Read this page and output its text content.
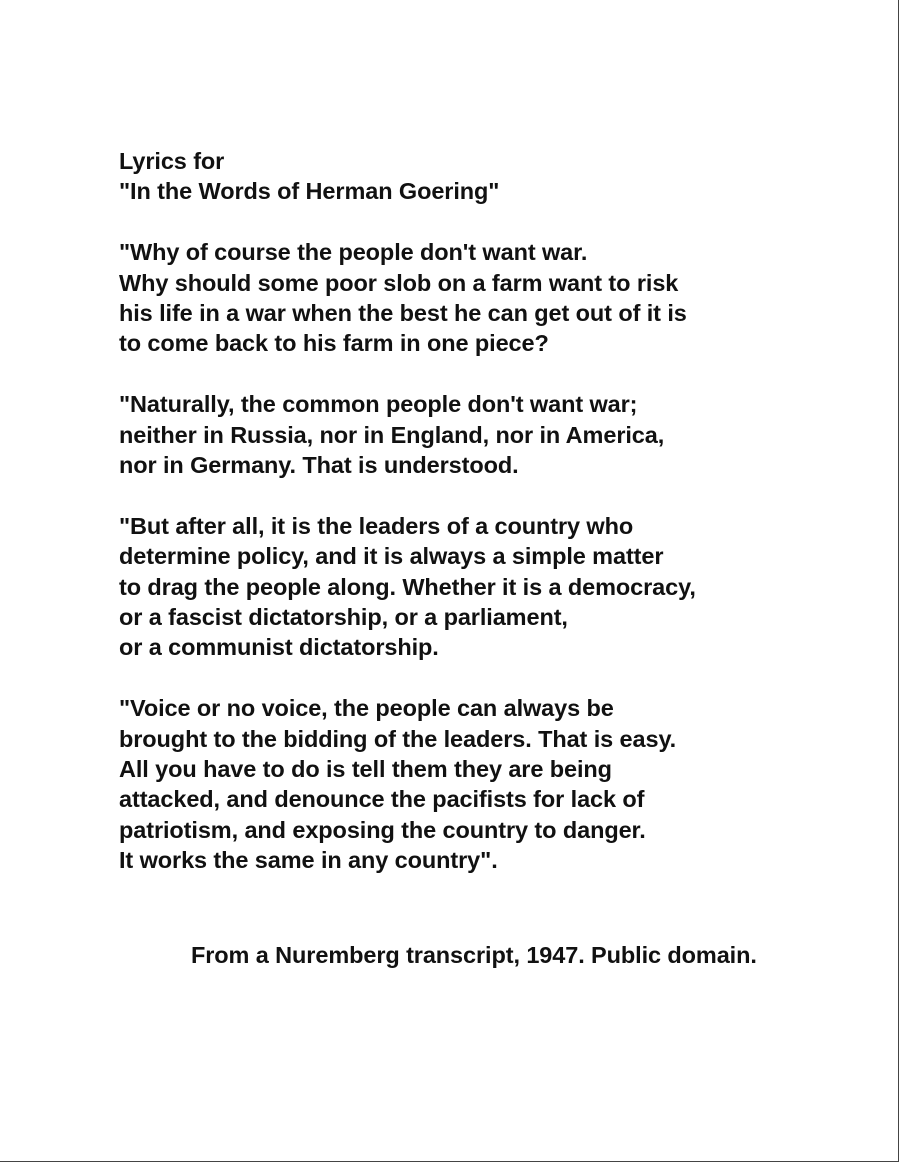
Lyrics for
"In the Words of Herman Goering"
"Why of course the people don't want war.
Why should some poor slob on a farm want to risk
his life in a war when the best he can get out of it is
to come back to his farm in one piece?
"Naturally, the common people don't want war;
neither in Russia, nor in England, nor in America,
nor in Germany. That is understood.
"But after all, it is the leaders of a country who
determine policy, and it is always a simple matter
to drag the people along. Whether it is a democracy,
or a fascist dictatorship, or a parliament,
or a communist dictatorship.
"Voice or no voice, the people can always be
brought to the bidding of the leaders. That is easy.
All you have to do is tell them they are being
attacked, and denounce the pacifists for lack of
patriotism, and exposing the country to danger.
It works the same in any country".
From a Nuremberg transcript, 1947. Public domain.
